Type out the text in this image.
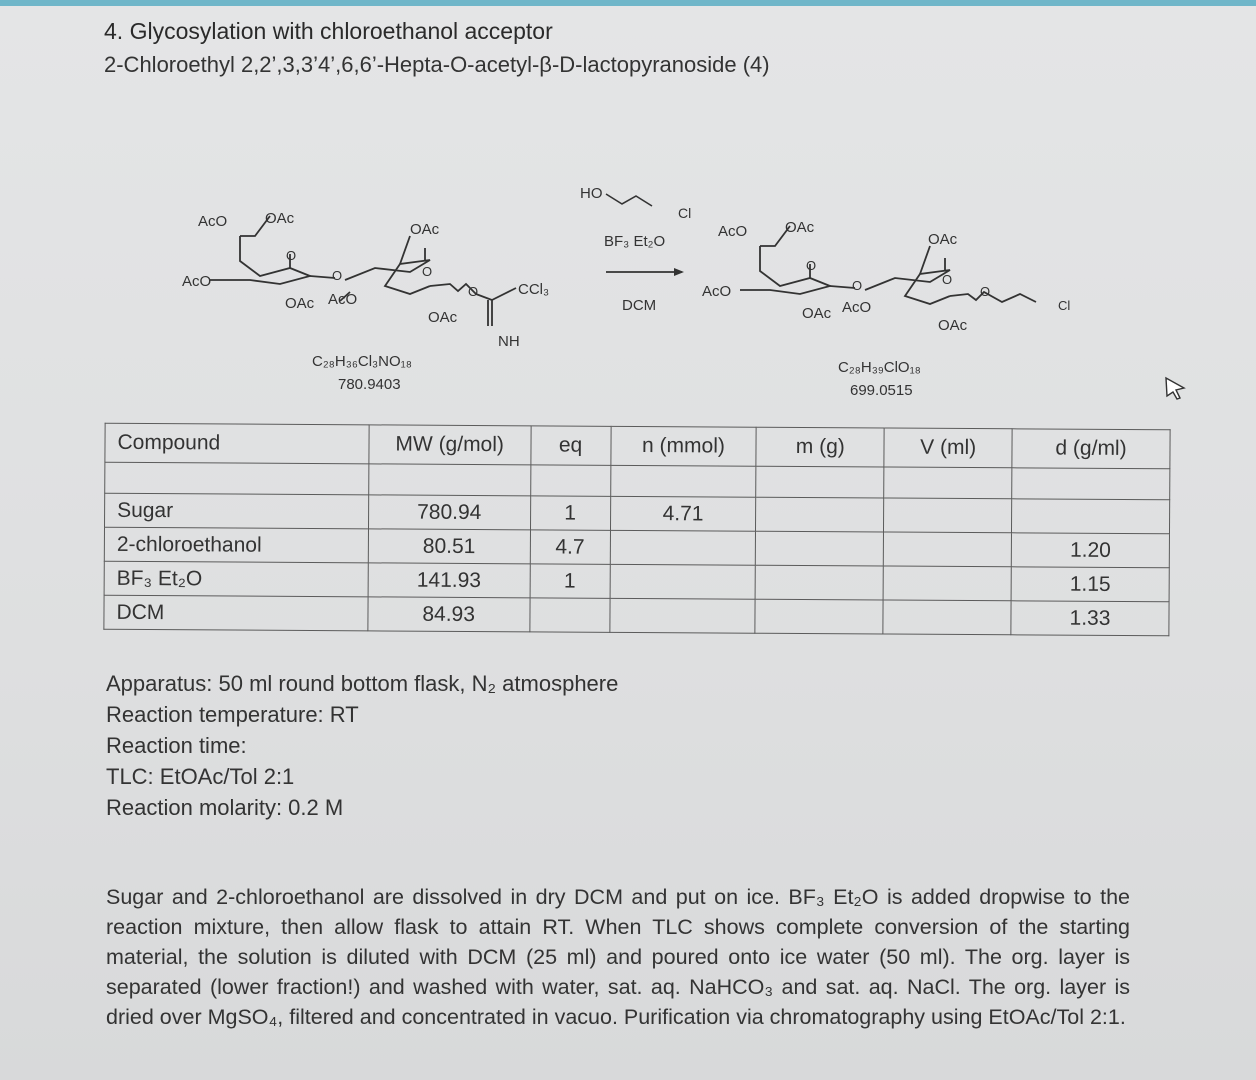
4. Glycosylation with chloroethanol acceptor
2-Chloroethyl 2,2’,3,3’4’,6,6’-Hepta-O-acetyl-β-D-lactopyranoside (4)
AcO	OAc
O
AcO	O
OAc AcO
OAc
O
OAc
O	CCl₃
NH
C₂₈H₃₆Cl₃NO₁₈
780.9403
HO
Cl
BF₃ Et₂O
DCM
AcO	OAc
O
AcO	O
OAc AcO
OAc
O
OAc
O
Cl
C₂₈H₃₉ClO₁₈
699.0515
Compound	MW (g/mol)	eq	n (mmol)	m (g)	V (ml)	d (g/ml)

Sugar	780.94	1	4.71			
2-chloroethanol	80.51	4.7				1.20
BF₃ Et₂O	141.93	1				1.15
DCM	84.93					1.33
Apparatus: 50 ml round bottom flask, N₂ atmosphere
Reaction temperature: RT
Reaction time:
TLC: EtOAc/Tol 2:1
Reaction molarity: 0.2 M
Sugar and 2-chloroethanol are dissolved in dry DCM and put on ice. BF₃ Et₂O is added dropwise to the reaction mixture, then allow flask to attain RT. When TLC shows complete conversion of the starting material, the solution is diluted with DCM (25 ml) and poured onto ice water (50 ml). The org. layer is separated (lower fraction!) and washed with water, sat. aq. NaHCO₃ and sat. aq. NaCl. The org. layer is dried over MgSO₄, filtered and concentrated in vacuo. Purification via chromatography using EtOAc/Tol 2:1.
